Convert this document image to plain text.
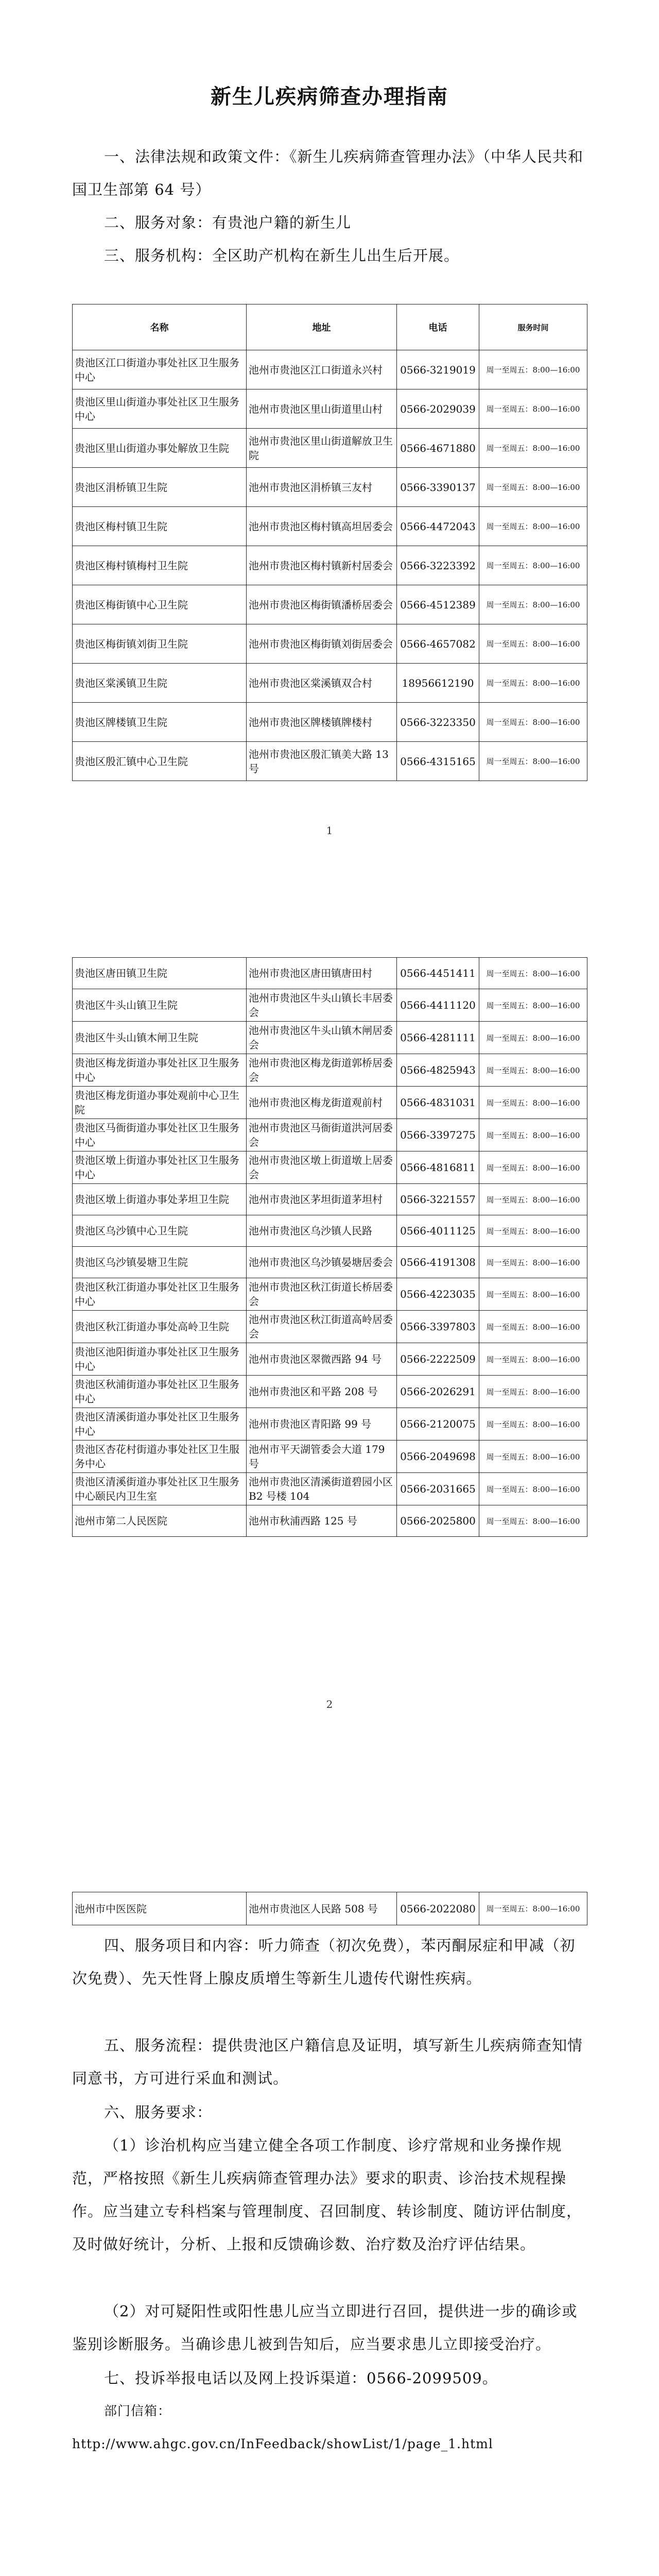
新生儿疾病筛查办理指南
一、法律法规和政策文件：《新生儿疾病筛查管理办法》（中华人民共和国卫生部第 64 号）
二、服务对象：有贵池户籍的新生儿
三、服务机构：全区助产机构在新生儿出生后开展。
名称	地址	电话	服务时间
贵池区江口街道办事处社区卫生服务中心	池州市贵池区江口街道永兴村	0566-3219019	周一至周五：8:00—16:00
贵池区里山街道办事处社区卫生服务中心	池州市贵池区里山街道里山村	0566-2029039	周一至周五：8:00—16:00
贵池区里山街道办事处解放卫生院	池州市贵池区里山街道解放卫生院	0566-4671880	周一至周五：8:00—16:00
贵池区涓桥镇卫生院	池州市贵池区涓桥镇三友村	0566-3390137	周一至周五：8:00—16:00
贵池区梅村镇卫生院	池州市贵池区梅村镇高坦居委会	0566-4472043	周一至周五：8:00—16:00
贵池区梅村镇梅村卫生院	池州市贵池区梅村镇新村居委会	0566-3223392	周一至周五：8:00—16:00
贵池区梅街镇中心卫生院	池州市贵池区梅街镇潘桥居委会	0566-4512389	周一至周五：8:00—16:00
贵池区梅街镇刘街卫生院	池州市贵池区梅街镇刘街居委会	0566-4657082	周一至周五：8:00—16:00
贵池区棠溪镇卫生院	池州市贵池区棠溪镇双合村	18956612190	周一至周五：8:00—16:00
贵池区牌楼镇卫生院	池州市贵池区牌楼镇牌楼村	0566-3223350	周一至周五：8:00—16:00
贵池区殷汇镇中心卫生院	池州市贵池区殷汇镇美大路 13 号	0566-4315165	周一至周五：8:00—16:00
1
贵池区唐田镇卫生院	池州市贵池区唐田镇唐田村	0566-4451411	周一至周五：8:00—16:00
贵池区牛头山镇卫生院	池州市贵池区牛头山镇长丰居委会	0566-4411120	周一至周五：8:00—16:00
贵池区牛头山镇木闸卫生院	池州市贵池区牛头山镇木闸居委会	0566-4281111	周一至周五：8:00—16:00
贵池区梅龙街道办事处社区卫生服务中心	池州市贵池区梅龙街道郭桥居委会	0566-4825943	周一至周五：8:00—16:00
贵池区梅龙街道办事处观前中心卫生院	池州市贵池区梅龙街道观前村	0566-4831031	周一至周五：8:00—16:00
贵池区马衙街道办事处社区卫生服务中心	池州市贵池区马衙街道洪河居委会	0566-3397275	周一至周五：8:00—16:00
贵池区墩上街道办事处社区卫生服务中心	池州市贵池区墩上街道墩上居委会	0566-4816811	周一至周五：8:00—16:00
贵池区墩上街道办事处茅坦卫生院	池州市贵池区茅坦街道茅坦村	0566-3221557	周一至周五：8:00—16:00
贵池区乌沙镇中心卫生院	池州市贵池区乌沙镇人民路	0566-4011125	周一至周五：8:00—16:00
贵池区乌沙镇晏塘卫生院	池州市贵池区乌沙镇晏塘居委会	0566-4191308	周一至周五：8:00—16:00
贵池区秋江街道办事处社区卫生服务中心	池州市贵池区秋江街道长桥居委会	0566-4223035	周一至周五：8:00—16:00
贵池区秋江街道办事处高岭卫生院	池州市贵池区秋江街道高岭居委会	0566-3397803	周一至周五：8:00—16:00
贵池区池阳街道办事处社区卫生服务中心	池州市贵池区翠微西路 94 号	0566-2222509	周一至周五：8:00—16:00
贵池区秋浦街道办事处社区卫生服务中心	池州市贵池区和平路 208 号	0566-2026291	周一至周五：8:00—16:00
贵池区清溪街道办事处社区卫生服务中心	池州市贵池区青阳路 99 号	0566-2120075	周一至周五：8:00—16:00
贵池区杏花村街道办事处社区卫生服务中心	池州市平天湖管委会大道 179 号	0566-2049698	周一至周五：8:00—16:00
贵池区清溪街道办事处社区卫生服务中心颐民内卫生室	池州市贵池区清溪街道碧园小区 B2 号楼 104	0566-2031665	周一至周五：8:00—16:00
池州市第二人民医院	池州市秋浦西路 125 号	0566-2025800	周一至周五：8:00—16:00
2
池州市中医医院	池州市贵池区人民路 508 号	0566-2022080	周一至周五：8:00—16:00
四、服务项目和内容：听力筛查（初次免费），苯丙酮尿症和甲减（初次免费）、先天性肾上腺皮质增生等新生儿遗传代谢性疾病。
五、服务流程：提供贵池区户籍信息及证明，填写新生儿疾病筛查知情同意书，方可进行采血和测试。
六、服务要求：
（1）诊治机构应当建立健全各项工作制度、诊疗常规和业务操作规范，严格按照《新生儿疾病筛查管理办法》要求的职责、诊治技术规程操作。应当建立专科档案与管理制度、召回制度、转诊制度、随访评估制度，及时做好统计，分析、上报和反馈确诊数、治疗数及治疗评估结果。
（2）对可疑阳性或阳性患儿应当立即进行召回，提供进一步的确诊或鉴别诊断服务。当确诊患儿被到告知后，应当要求患儿立即接受治疗。
七、投诉举报电话以及网上投诉渠道：0566-2099509。
部门信箱： http://www.ahgc.gov.cn/InFeedback/showList/1/page_1.html
